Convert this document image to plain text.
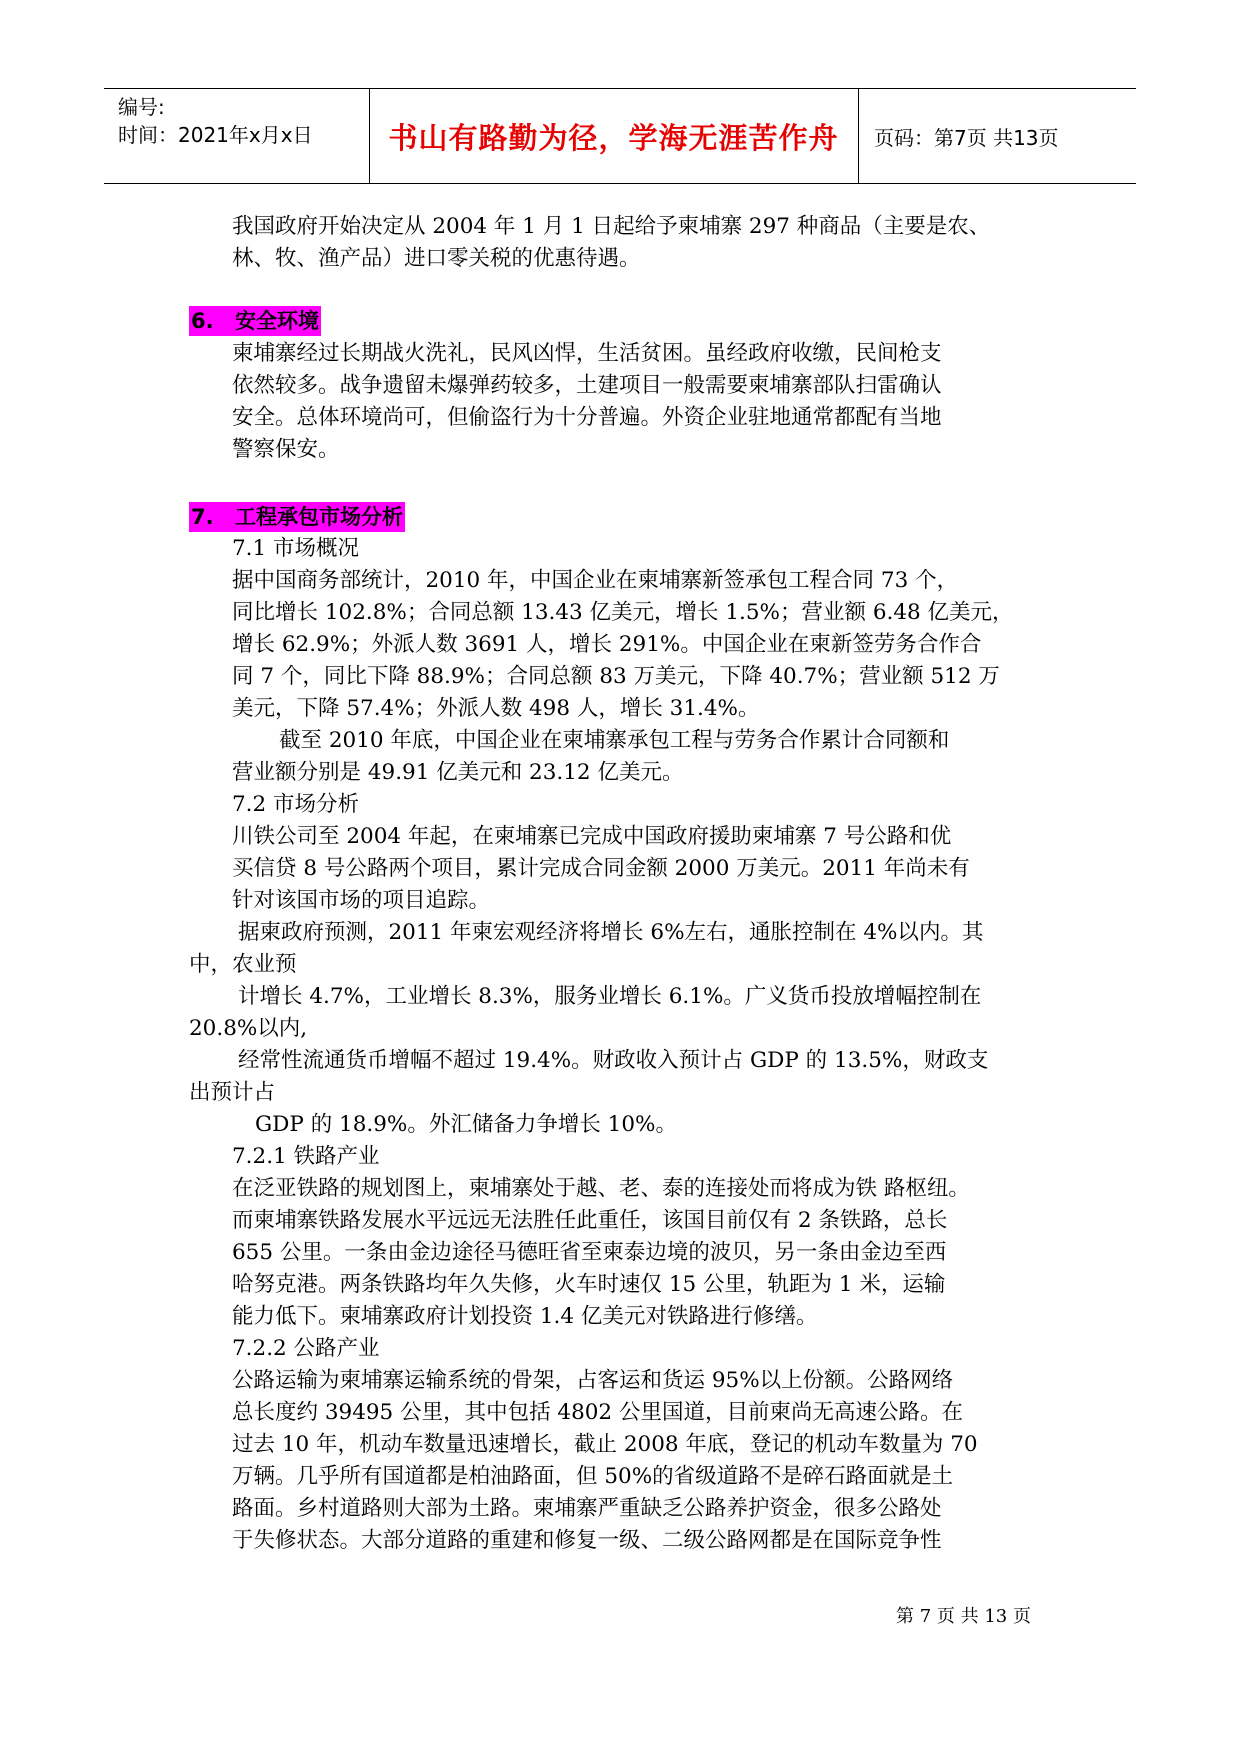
编号:
时间：2021年x月x日	书山有路勤为径，学海无涯苦作舟	页码：第7页 共13页
我国政府开始决定从 2004 年 1 月 1 日起给予柬埔寨 297 种商品（主要是农、
林、牧、渔产品）进口零关税的优惠待遇。
6. 安全环境
柬埔寨经过长期战火洗礼，民风凶悍，生活贫困。虽经政府收缴，民间枪支
依然较多。战争遗留未爆弹药较多，土建项目一般需要柬埔寨部队扫雷确认
安全。总体环境尚可，但偷盗行为十分普遍。外资企业驻地通常都配有当地
警察保安。
7. 工程承包市场分析
7.1 市场概况
据中国商务部统计，2010 年，中国企业在柬埔寨新签承包工程合同 73 个，
同比增长 102.8%；合同总额 13.43 亿美元，增长 1.5%；营业额 6.48 亿美元，
增长 62.9%；外派人数 3691 人，增长 291%。中国企业在柬新签劳务合作合
同 7 个，同比下降 88.9%；合同总额 83 万美元，下降 40.7%；营业额 512 万
美元，下降 57.4%；外派人数 498 人，增长 31.4%。
截至 2010 年底，中国企业在柬埔寨承包工程与劳务合作累计合同额和
营业额分别是 49.91 亿美元和 23.12 亿美元。
7.2 市场分析
川铁公司至 2004 年起，在柬埔寨已完成中国政府援助柬埔寨 7 号公路和优
买信贷 8 号公路两个项目，累计完成合同金额 2000 万美元。2011 年尚未有
针对该国市场的项目追踪。
据柬政府预测，2011 年柬宏观经济将增长 6%左右，通胀控制在 4%以内。其
中，农业预
计增长 4.7%，工业增长 8.3%，服务业增长 6.1%。广义货币投放增幅控制在
20.8%以内,
经常性流通货币增幅不超过 19.4%。财政收入预计占 GDP 的 13.5%，财政支
出预计占
GDP 的 18.9%。外汇储备力争增长 10%。
7.2.1 铁路产业
在泛亚铁路的规划图上，柬埔寨处于越、老、泰的连接处而将成为铁 路枢纽。
而柬埔寨铁路发展水平远远无法胜任此重任，该国目前仅有 2 条铁路，总长
655 公里。一条由金边途径马德旺省至柬泰边境的波贝，另一条由金边至西
哈努克港。两条铁路均年久失修，火车时速仅 15 公里，轨距为 1 米，运输
能力低下。柬埔寨政府计划投资 1.4 亿美元对铁路进行修缮。
7.2.2 公路产业
公路运输为柬埔寨运输系统的骨架，占客运和货运 95%以上份额。公路网络
总长度约 39495 公里，其中包括 4802 公里国道，目前柬尚无高速公路。在
过去 10 年，机动车数量迅速增长，截止 2008 年底，登记的机动车数量为 70
万辆。几乎所有国道都是柏油路面，但 50%的省级道路不是碎石路面就是土
路面。乡村道路则大部为土路。柬埔寨严重缺乏公路养护资金，很多公路处
于失修状态。大部分道路的重建和修复一级、二级公路网都是在国际竞争性
第 7 页 共 13 页
